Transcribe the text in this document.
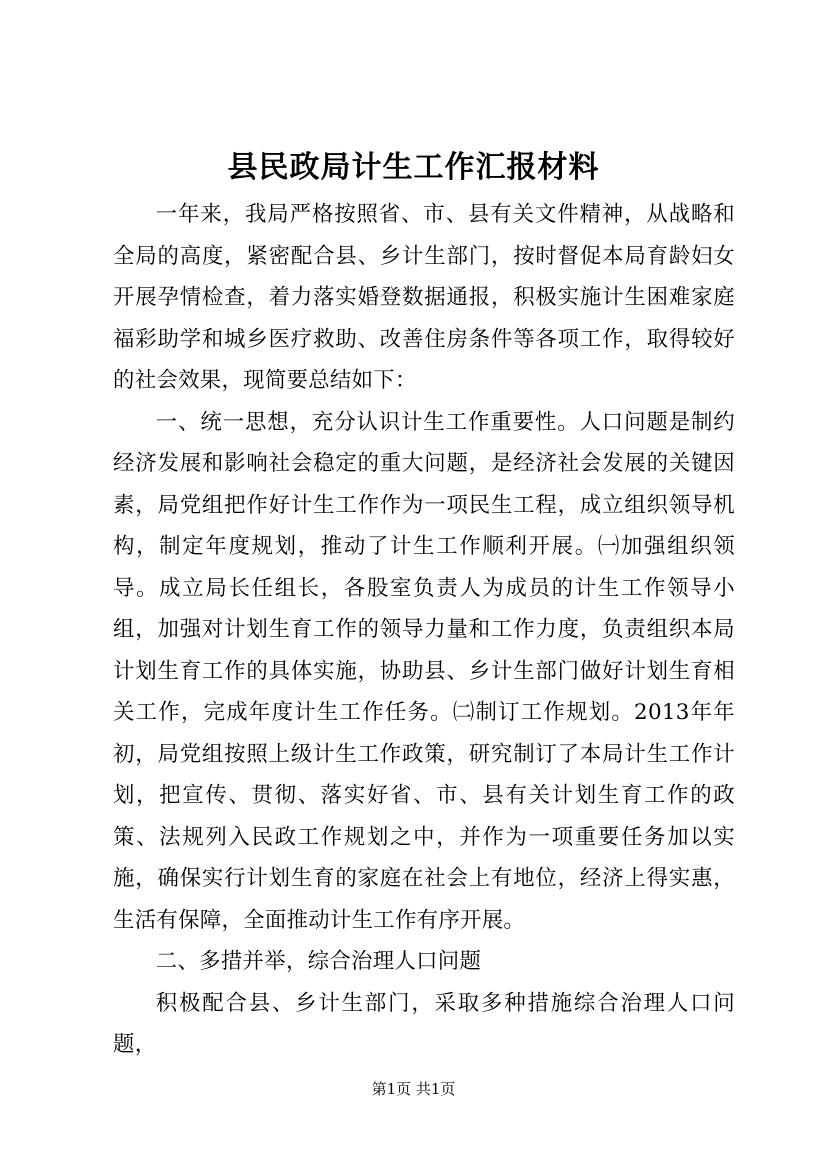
县民政局计生工作汇报材料

一年来，我局严格按照省、市、县有关文件精神，从战略和全局的高度，紧密配合县、乡计生部门，按时督促本局育龄妇女开展孕情检查，着力落实婚登数据通报，积极实施计生困难家庭福彩助学和城乡医疗救助、改善住房条件等各项工作，取得较好的社会效果，现简要总结如下：

一、统一思想，充分认识计生工作重要性。人口问题是制约经济发展和影响社会稳定的重大问题，是经济社会发展的关键因素，局党组把作好计生工作作为一项民生工程，成立组织领导机构，制定年度规划，推动了计生工作顺利开展。㈠加强组织领导。成立局长任组长，各股室负责人为成员的计生工作领导小组，加强对计划生育工作的领导力量和工作力度，负责组织本局计划生育工作的具体实施，协助县、乡计生部门做好计划生育相关工作，完成年度计生工作任务。㈡制订工作规划。2013年年初，局党组按照上级计生工作政策，研究制订了本局计生工作计划，把宣传、贯彻、落实好省、市、县有关计划生育工作的政策、法规列入民政工作规划之中，并作为一项重要任务加以实施，确保实行计划生育的家庭在社会上有地位，经济上得实惠，生活有保障，全面推动计生工作有序开展。

二、多措并举，综合治理人口问题

积极配合县、乡计生部门，采取多种措施综合治理人口问题，

第1页 共1页
